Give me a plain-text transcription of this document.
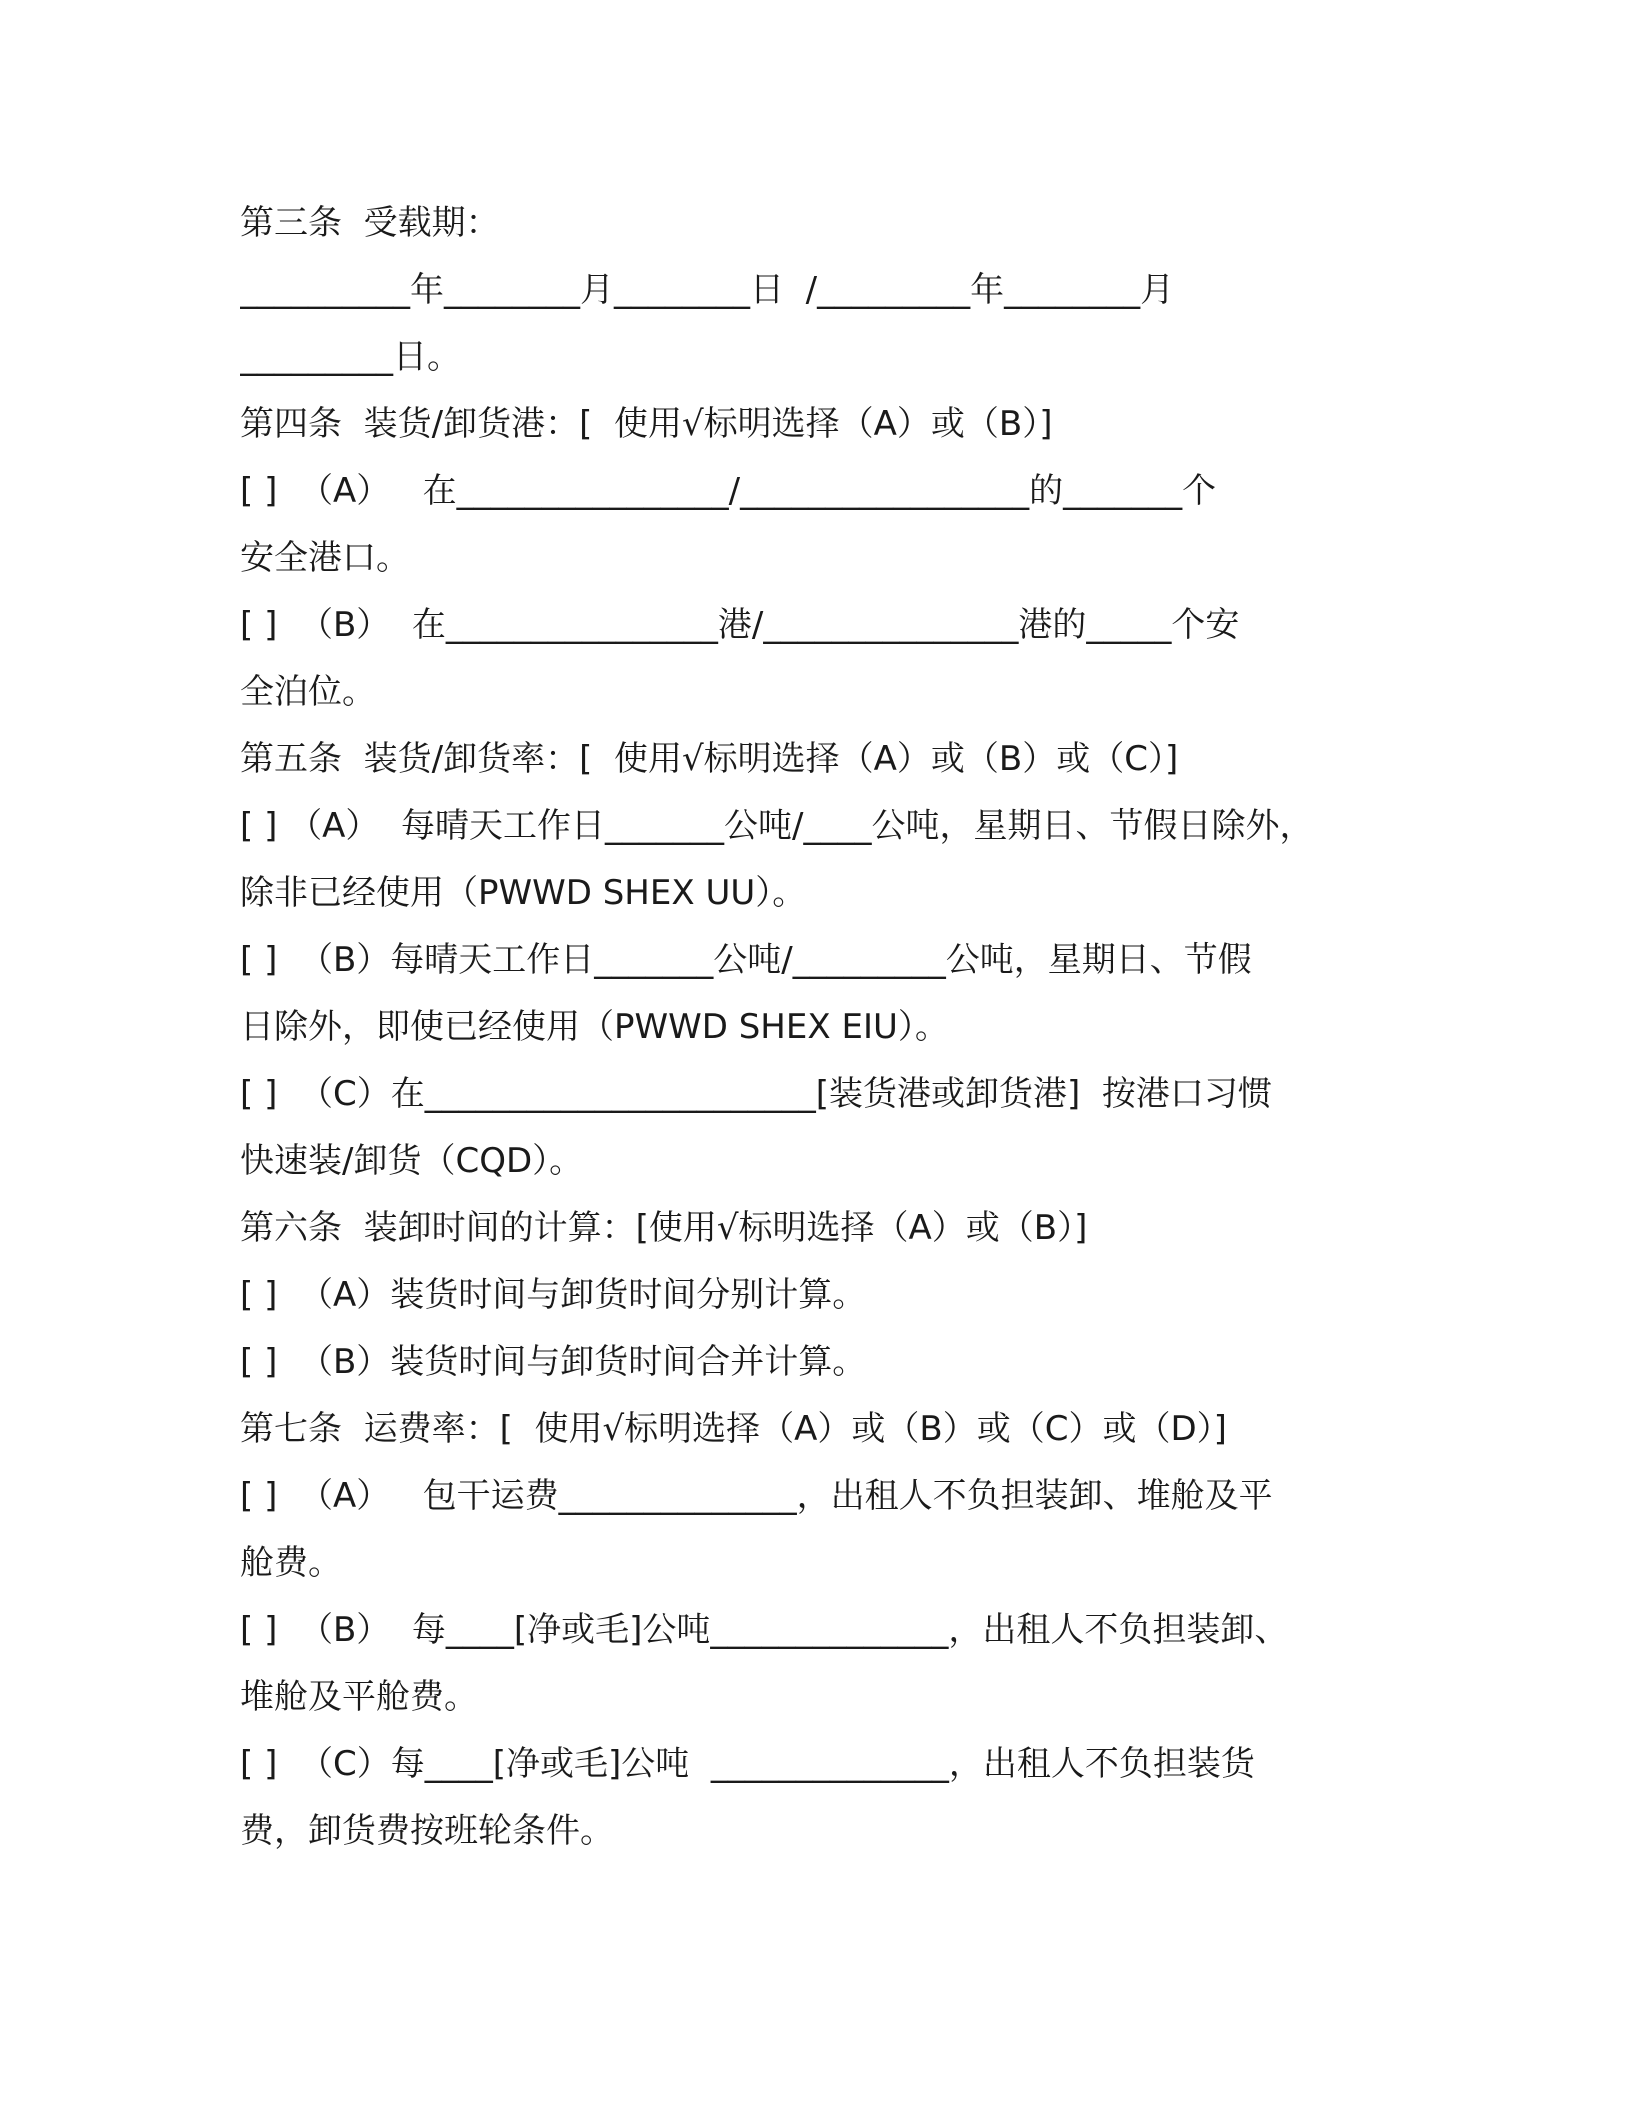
第三条  受载期：
__________年________月________日  /_________年________月
_________日。
第四条  装货/卸货港：[  使用√标明选择（A）或（B）]
[ ]  （A）   在________________/_________________的_______个
安全港口。
[ ]  （B）  在________________港/_______________港的_____个安
全泊位。
第五条  装货/卸货率：[  使用√标明选择（A）或（B）或（C）]
[ ] （A）  每晴天工作日_______公吨/____公吨，星期日、节假日除外，
除非已经使用（PWWD SHEX UU）。
[ ]  （B）每晴天工作日_______公吨/_________公吨，星期日、节假
日除外，即使已经使用（PWWD SHEX EIU）。
[ ]  （C）在_______________________[装货港或卸货港]  按港口习惯
快速装/卸货（CQD）。
第六条  装卸时间的计算：[使用√标明选择（A）或（B）]
[ ]  （A）装货时间与卸货时间分别计算。
[ ]  （B）装货时间与卸货时间合并计算。
第七条  运费率：[  使用√标明选择（A）或（B）或（C）或（D）]
[ ]  （A）   包干运费______________，出租人不负担装卸、堆舱及平
舱费。
[ ]  （B）  每____[净或毛]公吨______________，出租人不负担装卸、
堆舱及平舱费。
[ ]  （C）每____[净或毛]公吨  ______________，出租人不负担装货
费，卸货费按班轮条件。
